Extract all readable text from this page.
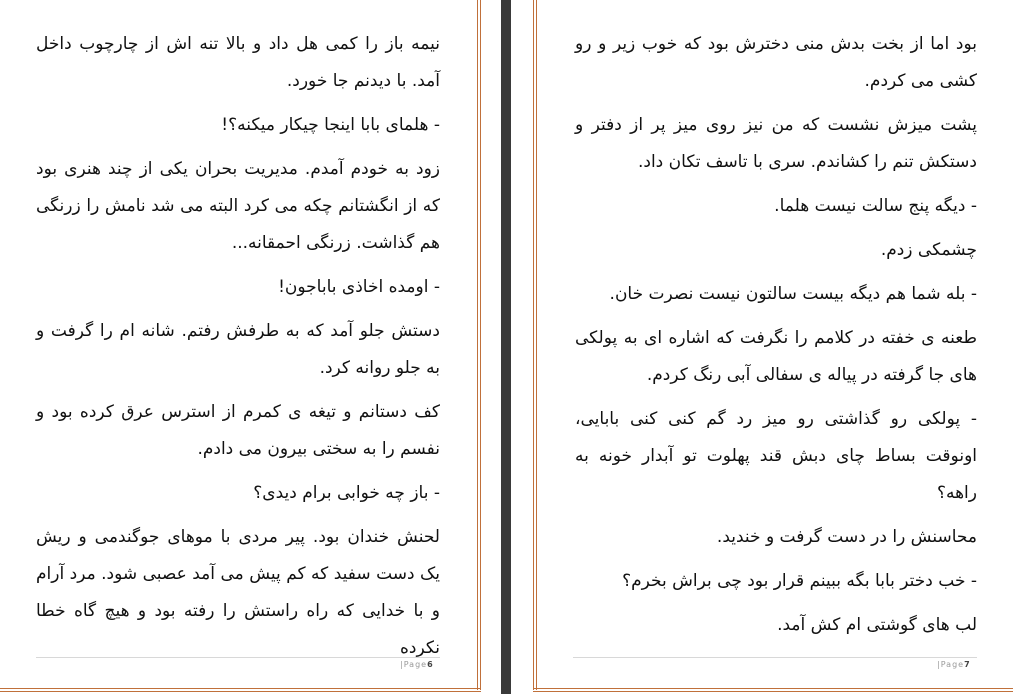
نیمه باز را کمی هل داد و بالا تنه اش از چارچوب داخل آمد. با دیدنم جا خورد.

- هلمای بابا اینجا چیکار میکنه؟!

زود به خودم آمدم. مدیریت بحران یکی از چند هنری بود که از انگشتانم چکه می کرد البته می شد نامش را زرنگی هم گذاشت. زرنگی احمقانه...

- اومده اخاذی باباجون!

دستش جلو آمد که به طرفش رفتم. شانه ام را گرفت و به جلو روانه کرد.

کف دستانم و تیغه ی کمرم از استرس عرق کرده بود و نفسم را به سختی بیرون می دادم.

- باز چه خوابی برام دیدی؟

لحنش خندان بود. پیر مردی با موهای جوگندمی و ریش یک دست سفید که کم پیش می آمد عصبی شود. مرد آرام و با خدایی که راه راستش را رفته بود و هیچ گاه خطا نکرده

|Page6

بود اما از بخت بدش منی دخترش بود که خوب زیر و رو کشی می کردم.

پشت میزش نشست که من نیز روی میز پر از دفتر و دستکش تنم را کشاندم. سری با تاسف تکان داد.

- دیگه پنج سالت نیست هلما.

چشمکی زدم.

- بله شما هم دیگه بیست سالتون نیست نصرت خان.

طعنه ی خفته در کلامم را نگرفت که اشاره ای به پولکی های جا گرفته در پیاله ی سفالی آبی رنگ کردم.

- پولکی رو گذاشتی رو میز رد گم کنی کنی بابایی، اونوقت بساط چای دبش قند پهلوت تو آبدار خونه به راهه؟

محاسنش را در دست گرفت و خندید.

- خب دختر بابا بگه ببینم قرار بود چی براش بخرم؟

لب های گوشتی ام کش آمد.

|Page7
